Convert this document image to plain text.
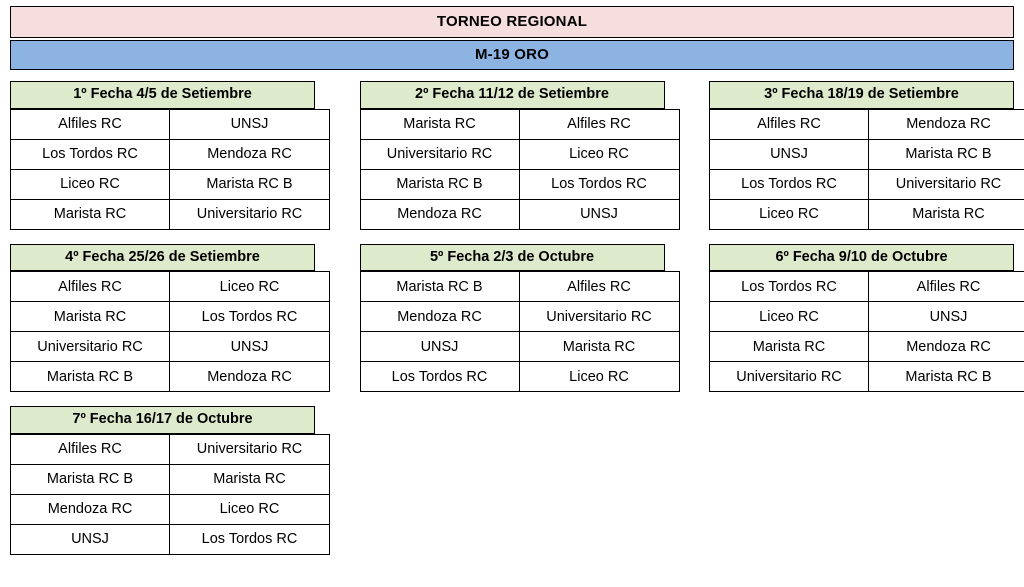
TORNEO REGIONAL
M-19 ORO
1º Fecha 4/5 de Setiembre
Alfiles RC	UNSJ
Los Tordos RC	Mendoza RC
Liceo RC	Marista RC B
Marista RC	Universitario RC
2º Fecha 11/12 de Setiembre
Marista RC	Alfiles RC
Universitario RC	Liceo RC
Marista RC B	Los Tordos RC
Mendoza RC	UNSJ
3º Fecha 18/19 de Setiembre
Alfiles RC	Mendoza RC
UNSJ	Marista RC B
Los Tordos RC	Universitario RC
Liceo RC	Marista RC
4º Fecha 25/26 de Setiembre
Alfiles RC	Liceo RC
Marista RC	Los Tordos RC
Universitario RC	UNSJ
Marista RC B	Mendoza RC
5º Fecha 2/3 de Octubre
Marista RC B	Alfiles RC
Mendoza RC	Universitario RC
UNSJ	Marista RC
Los Tordos RC	Liceo RC
6º Fecha 9/10 de Octubre
Los Tordos RC	Alfiles RC
Liceo RC	UNSJ
Marista RC	Mendoza RC
Universitario RC	Marista RC B
7º Fecha 16/17 de Octubre
Alfiles RC	Universitario RC
Marista RC B	Marista RC
Mendoza RC	Liceo RC
UNSJ	Los Tordos RC
